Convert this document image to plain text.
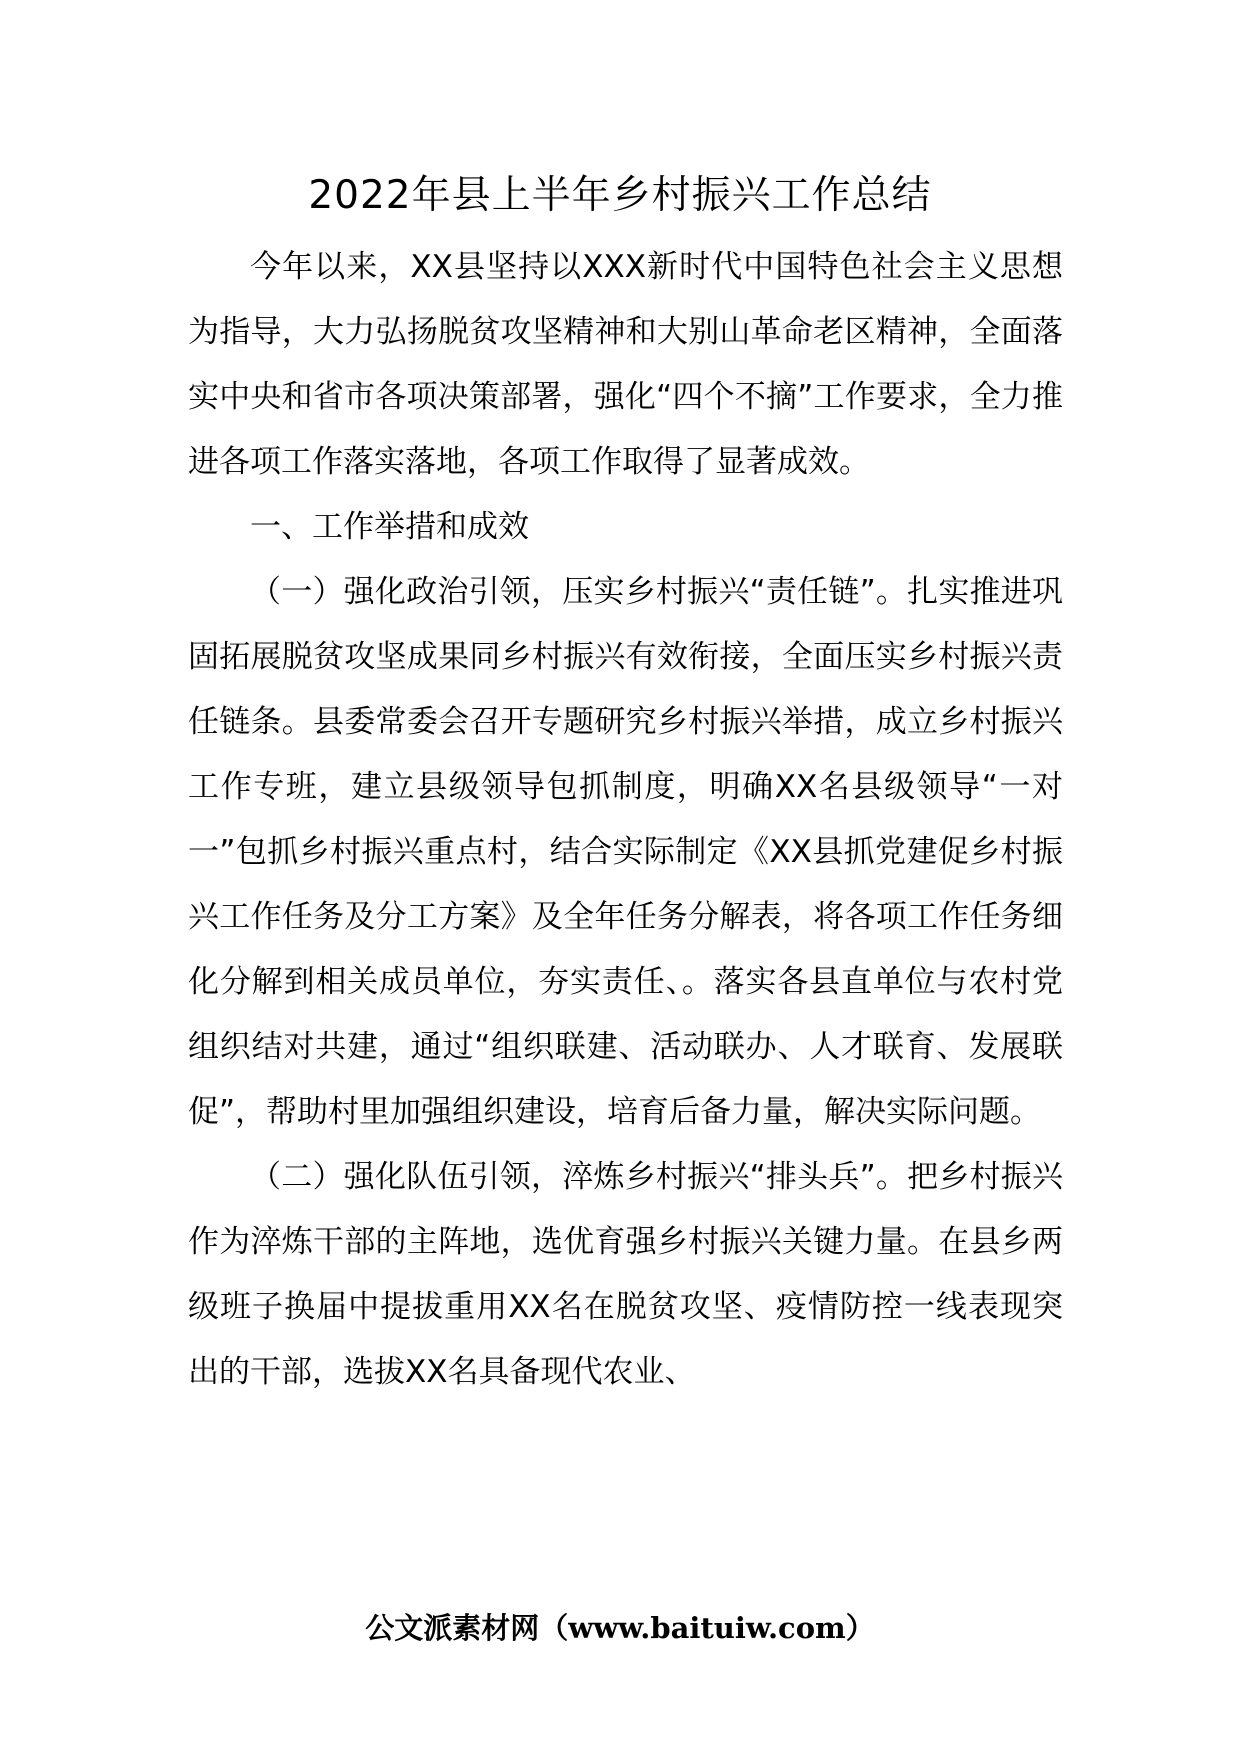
2022年县上半年乡村振兴工作总结

今年以来，XX县坚持以XXX新时代中国特色社会主义思想为指导，大力弘扬脱贫攻坚精神和大别山革命老区精神，全面落实中央和省市各项决策部署，强化“四个不摘”工作要求，全力推进各项工作落实落地，各项工作取得了显著成效。

一、工作举措和成效

（一）强化政治引领，压实乡村振兴“责任链”。扎实推进巩固拓展脱贫攻坚成果同乡村振兴有效衔接，全面压实乡村振兴责任链条。县委常委会召开专题研究乡村振兴举措，成立乡村振兴工作专班，建立县级领导包抓制度，明确XX名县级领导“一对一”包抓乡村振兴重点村，结合实际制定《XX县抓党建促乡村振兴工作任务及分工方案》及全年任务分解表，将各项工作任务细化分解到相关成员单位，夯实责任、。落实各县直单位与农村党组织结对共建，通过“组织联建、活动联办、人才联育、发展联促”，帮助村里加强组织建设，培育后备力量，解决实际问题。

（二）强化队伍引领，淬炼乡村振兴“排头兵”。把乡村振兴作为淬炼干部的主阵地，选优育强乡村振兴关键力量。在县乡两级班子换届中提拔重用XX名在脱贫攻坚、疫情防控一线表现突出的干部，选拔XX名具备现代农业、

公文派素材网（www.baituiw.com）
